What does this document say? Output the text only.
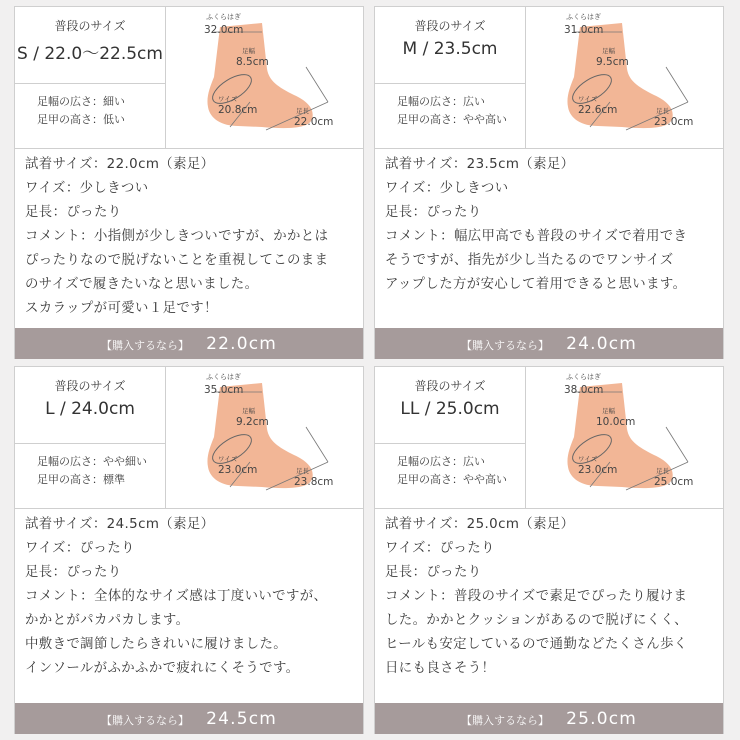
普段のサイズ
S / 22.0〜22.5cm
足幅の広さ：細い
足甲の高さ：低い
ふくらはぎ
32.0cm
足幅
8.5cm
ワイズ
20.8cm	足長
22.0cm
試着サイズ：22.0cm（素足）
ワイズ：少しきつい
足長：ぴったり
コメント：小指側が少しきついですが、かかとは
ぴったりなので脱げないことを重視してこのまま
のサイズで履きたいなと思いました。
スカラップが可愛い１足です！
【購入するなら】 22.0cm
普段のサイズ
M / 23.5cm
足幅の広さ：広い
足甲の高さ：やや高い
ふくらはぎ
31.0cm
足幅
9.5cm
ワイズ
22.6cm	足長
23.0cm
試着サイズ：23.5cm（素足）
ワイズ：少しきつい
足長：ぴったり
コメント：幅広甲高でも普段のサイズで着用でき
そうですが、指先が少し当たるのでワンサイズ
アップした方が安心して着用できると思います。
【購入するなら】 24.0cm
普段のサイズ
L / 24.0cm
足幅の広さ：やや細い
足甲の高さ：標準
ふくらはぎ
35.0cm
足幅
9.2cm
ワイズ
23.0cm	足長
23.8cm
試着サイズ：24.5cm（素足）
ワイズ：ぴったり
足長：ぴったり
コメント：全体的なサイズ感は丁度いいですが、
かかとがパカパカします。
中敷きで調節したらきれいに履けました。
インソールがふかふかで疲れにくそうです。
【購入するなら】 24.5cm
普段のサイズ
LL / 25.0cm
足幅の広さ：広い
足甲の高さ：やや高い
ふくらはぎ
38.0cm
足幅
10.0cm
ワイズ
23.0cm	足長
25.0cm
試着サイズ：25.0cm（素足）
ワイズ：ぴったり
足長：ぴったり
コメント：普段のサイズで素足でぴったり履けま
した。かかとクッションがあるので脱げにくく、
ヒールも安定しているので通勤などたくさん歩く
日にも良さそう！
【購入するなら】 25.0cm
